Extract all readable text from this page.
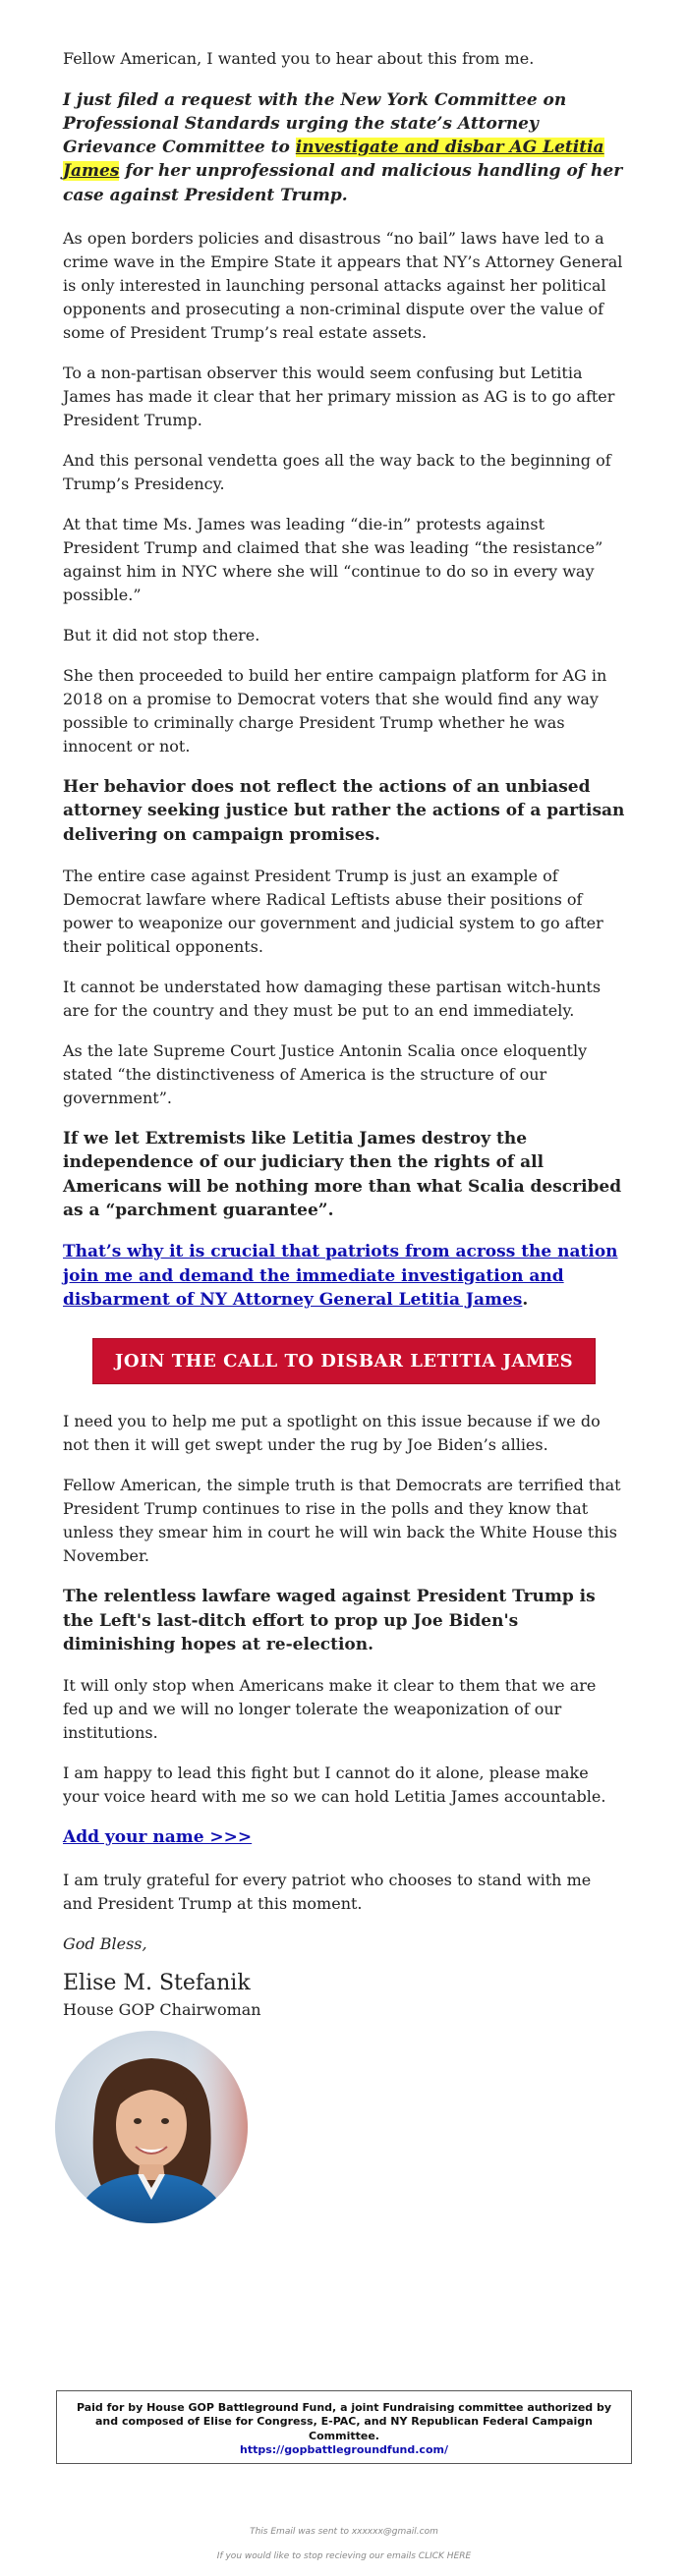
Fellow American, I wanted you to hear about this from me.

I just filed a request with the New York Committee on Professional Standards urging the state’s Attorney Grievance Committee to investigate and disbar AG Letitia James for her unprofessional and malicious handling of her case against President Trump.

As open borders policies and disastrous “no bail” laws have led to a crime wave in the Empire State it appears that NY’s Attorney General is only interested in launching personal attacks against her political opponents and prosecuting a non-criminal dispute over the value of some of President Trump’s real estate assets.

To a non-partisan observer this would seem confusing but Letitia James has made it clear that her primary mission as AG is to go after President Trump.

And this personal vendetta goes all the way back to the beginning of Trump’s Presidency.

At that time Ms. James was leading “die-in” protests against President Trump and claimed that she was leading “the resistance” against him in NYC where she will “continue to do so in every way possible.”

But it did not stop there.

She then proceeded to build her entire campaign platform for AG in 2018 on a promise to Democrat voters that she would find any way possible to criminally charge President Trump whether he was innocent or not.

Her behavior does not reflect the actions of an unbiased attorney seeking justice but rather the actions of a partisan delivering on campaign promises.

The entire case against President Trump is just an example of Democrat lawfare where Radical Leftists abuse their positions of power to weaponize our government and judicial system to go after their political opponents.

It cannot be understated how damaging these partisan witch-hunts are for the country and they must be put to an end immediately.

As the late Supreme Court Justice Antonin Scalia once eloquently stated “the distinctiveness of America is the structure of our government”.

If we let Extremists like Letitia James destroy the independence of our judiciary then the rights of all Americans will be nothing more than what Scalia described as a “parchment guarantee”.

That’s why it is crucial that patriots from across the nation join me and demand the immediate investigation and disbarment of NY Attorney General Letitia James.

JOIN THE CALL TO DISBAR LETITIA JAMES

I need you to help me put a spotlight on this issue because if we do not then it will get swept under the rug by Joe Biden’s allies.

Fellow American, the simple truth is that Democrats are terrified that President Trump continues to rise in the polls and they know that unless they smear him in court he will win back the White House this November.

The relentless lawfare waged against President Trump is the Left's last-ditch effort to prop up Joe Biden's diminishing hopes at re-election.

It will only stop when Americans make it clear to them that we are fed up and we will no longer tolerate the weaponization of our institutions.

I am happy to lead this fight but I cannot do it alone, please make your voice heard with me so we can hold Letitia James accountable.

Add your name >>>

I am truly grateful for every patriot who chooses to stand with me and President Trump at this moment.

God Bless,

Elise M. Stefanik
House GOP Chairwoman
Paid for by House GOP Battleground Fund, a joint Fundraising committee authorized by and composed of Elise for Congress, E-PAC, and NY Republican Federal Campaign Committee.
https://gopbattlegroundfund.com/
This Email was sent to xxxxxx@gmail.com
If you would like to stop recieving our emails CLICK HERE
